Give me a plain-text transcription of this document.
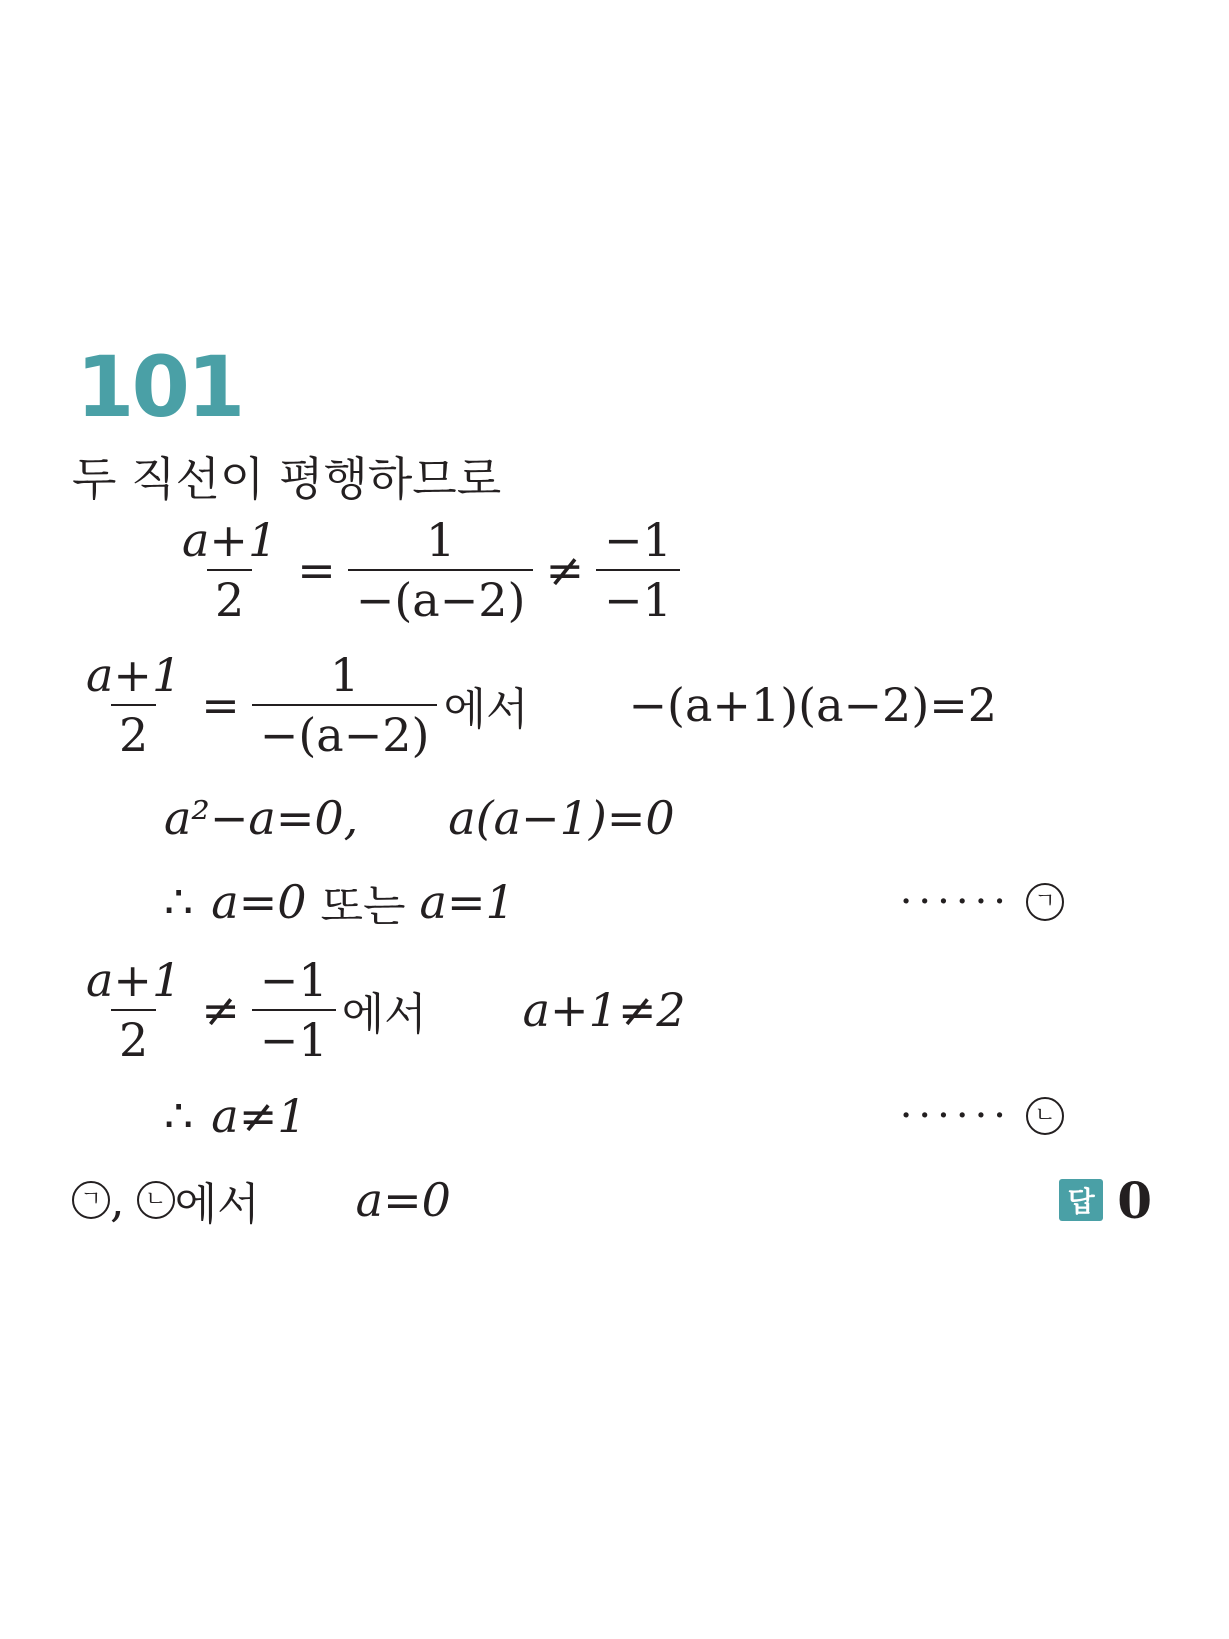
101
두 직선이 평행하므로
$\frac{a+1}{2} = \frac{1}{-(a-2)} \ne \frac{-1}{-1}$
$\frac{a+1}{2} = \frac{1}{-(a-2)}$ 에서 −(a+1)(a−2)=2
a²−a=0, a(a−1)=0
∴ a=0 또는 a=1	······	ㄱ
$\frac{a+1}{2} \ne \frac{-1}{-1}$ 에서 a+1≠2
∴ a≠1	······	ㄴ
ㄱ , ㄴ 에서 a=0	답 0
